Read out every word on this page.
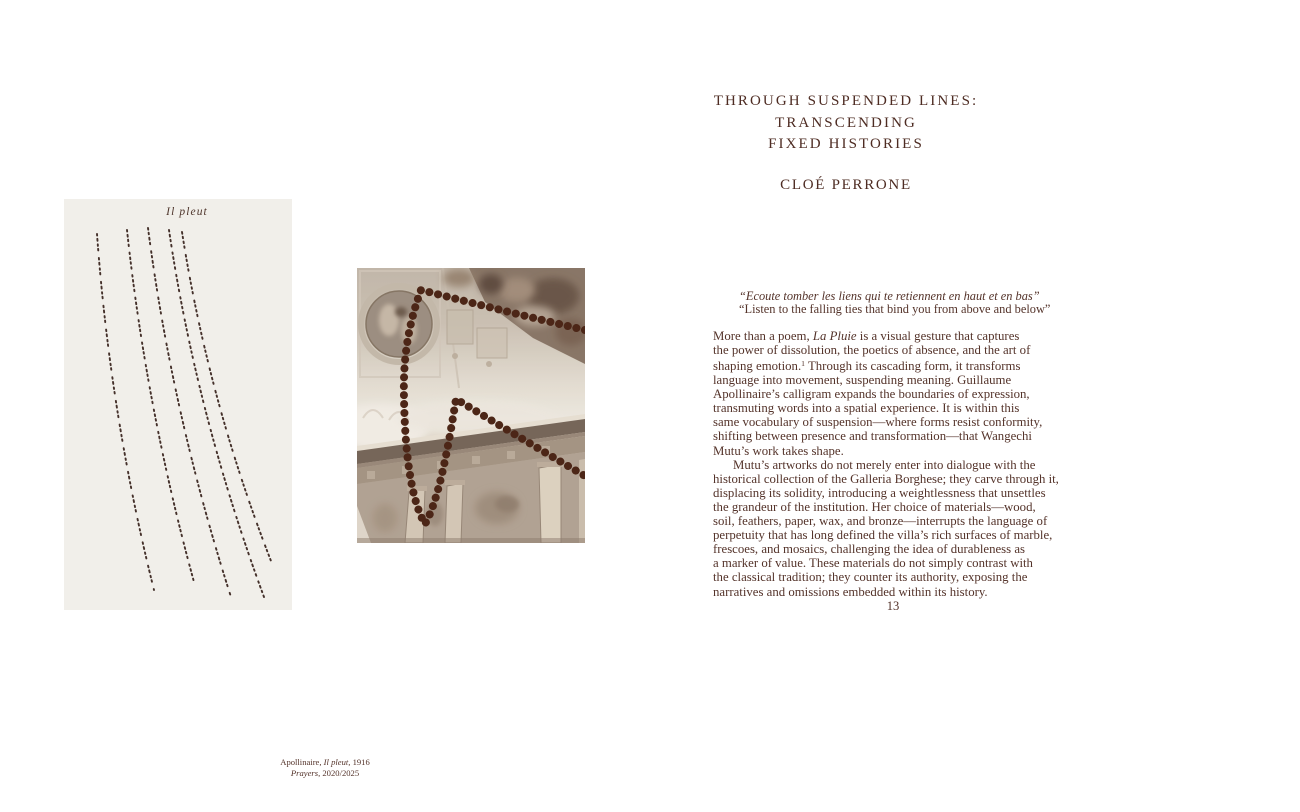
Il pleut
Apollinaire, Il pleut, 1916
Prayers, 2020/2025
THROUGH SUSPENDED LINES:
TRANSCENDING
FIXED HISTORIES
CLOÉ PERRONE
“Ecoute tomber les liens qui te retiennent en haut et en bas”
“Listen to the falling ties that bind you from above and below”
More than a poem, La Pluie is a visual gesture that captures
the power of dissolution, the poetics of absence, and the art of
shaping emotion.$^1$ Through its cascading form, it transforms
language into movement, suspending meaning. Guillaume
Apollinaire’s calligram expands the boundaries of expression,
transmuting words into a spatial experience. It is within this
same vocabulary of suspension—where forms resist conformity,
shifting between presence and transformation—that Wangechi
Mutu’s work takes shape.
Mutu’s artworks do not merely enter into dialogue with the
historical collection of the Galleria Borghese; they carve through it,
displacing its solidity, introducing a weightlessness that unsettles
the grandeur of the institution. Her choice of materials—wood,
soil, feathers, paper, wax, and bronze—interrupts the language of
perpetuity that has long defined the villa’s rich surfaces of marble,
frescoes, and mosaics, challenging the idea of durableness as
a marker of value. These materials do not simply contrast with
the classical tradition; they counter its authority, exposing the
narratives and omissions embedded within its history.
13
